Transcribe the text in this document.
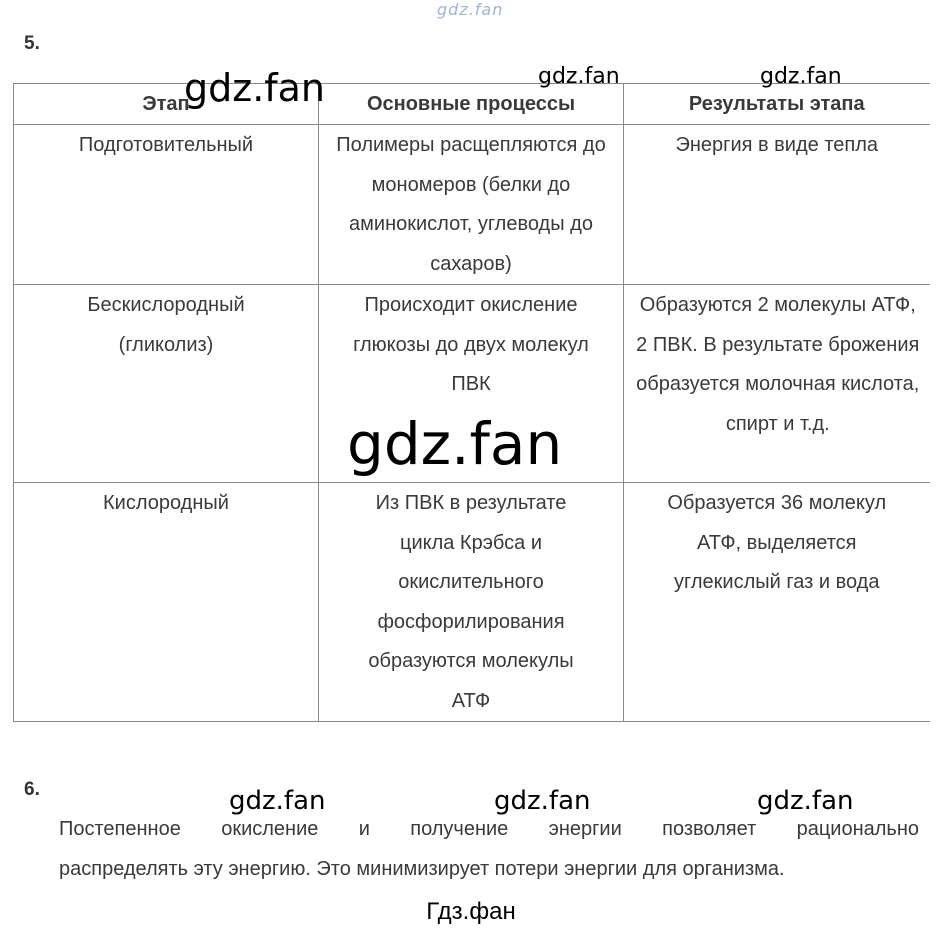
5.
Этап	Основные процессы	Результаты этапа
Подготовительный	Полимеры расщепляются до мономеров (белки до аминокислот, углеводы до сахаров)	Энергия в виде тепла
Бескислородный (гликолиз)	Происходит окисление глюкозы до двух молекул ПВК	Образуются 2 молекулы АТФ, 2 ПВК. В результате брожения образуется молочная кислота, спирт и т.д.
Кислородный	Из ПВК в результате цикла Крэбса и окислительного фосфорилирования образуются молекулы АТФ	Образуется 36 молекул АТФ, выделяется углекислый газ и вода
6.
Постепенное окисление и получение энергии позволяет рационально
распределять эту энергию. Это минимизирует потери энергии для организма.
gdz.fan
gdz.fan	gdz.fan	gdz.fan
gdz.fan
gdz.fan	gdz.fan	gdz.fan
Гдз.фан
